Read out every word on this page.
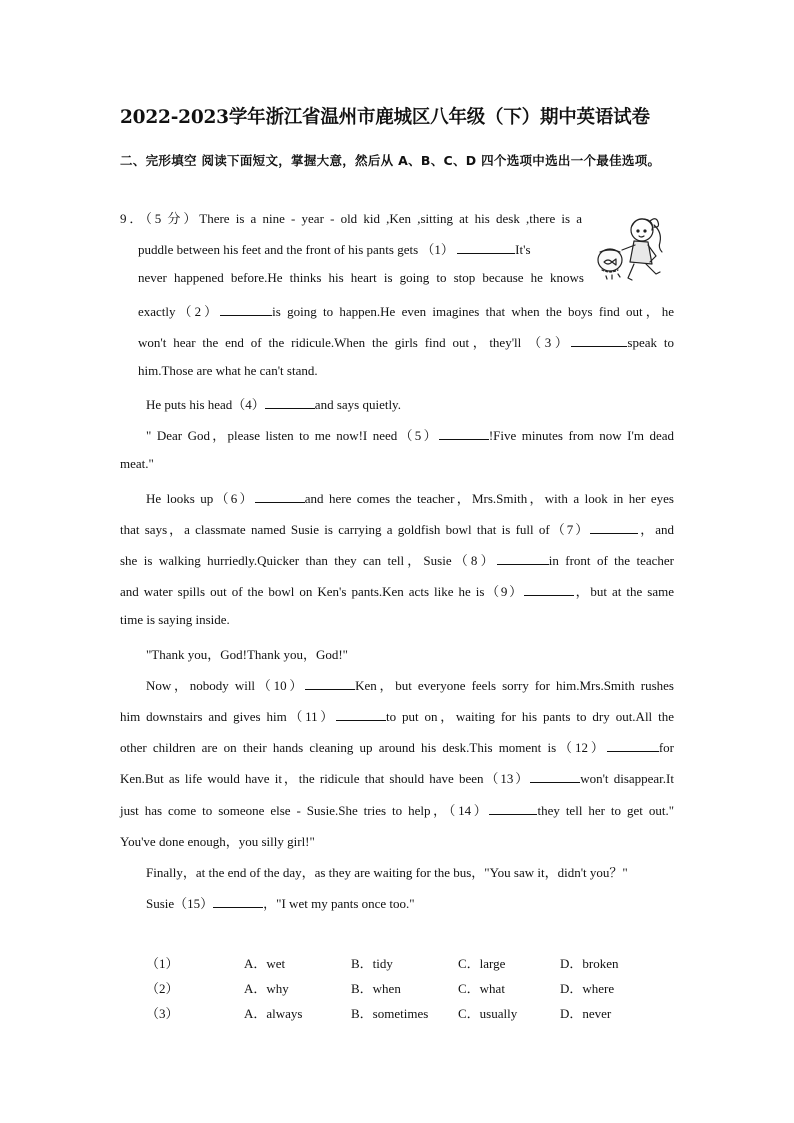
2022-2023学年浙江省温州市鹿城区八年级（下）期中英语试卷
二、完形填空 阅读下面短文，掌握大意，然后从 A、B、C、D 四个选项中选出一个最佳选项。
9．（5 分）There is a nine - year - old kid ,Ken ,sitting at his desk ,there is a
puddle between his feet and the front of his pants gets （1）	It's
never happened before.He thinks his heart is going to stop because he knows
exactly（2）	is going to happen.He even imagines that when the boys find out，he
won't hear the end of the ridicule.When the girls find out，they'll （3）	speak to
him.Those are what he can't stand.
He puts his head（4）	and says quietly.
" Dear God，please listen to me now!I need（5）	!Five minutes from now I'm dead
meat."
He looks up（6）	and here comes the teacher，Mrs.Smith，with a look in her eyes
that says，a classmate named Susie is carrying a goldfish bowl that is full of（7）	，and
she is walking hurriedly.Quicker than they can tell，Susie（8）	in front of the teacher
and water spills out of the bowl on Ken's pants.Ken acts like he is（9）	，but at the same
time is saying inside.
"Thank you，God!Thank you，God!"
Now，nobody will（10）	Ken，but everyone feels sorry for him.Mrs.Smith rushes
him downstairs and gives him（11）	to put on，waiting for his pants to dry out.All the
other children are on their hands cleaning up around his desk.This moment is（12）	for
Ken.But as life would have it，the ridicule that should have been（13）	won't disappear.It
just has come to someone else - Susie.She tries to help，（14）	they tell her to get out."
You've done enough，you silly girl!"
Finally，at the end of the day，as they are waiting for the bus，"You saw it，didn't you？"
Susie（15）	，"I wet my pants once too."
（1）	A．wet	B．tidy	C．large	D．broken
（2）	A．why	B．when	C．what	D．where
（3）	A．always	B．sometimes C．usually	D．never
